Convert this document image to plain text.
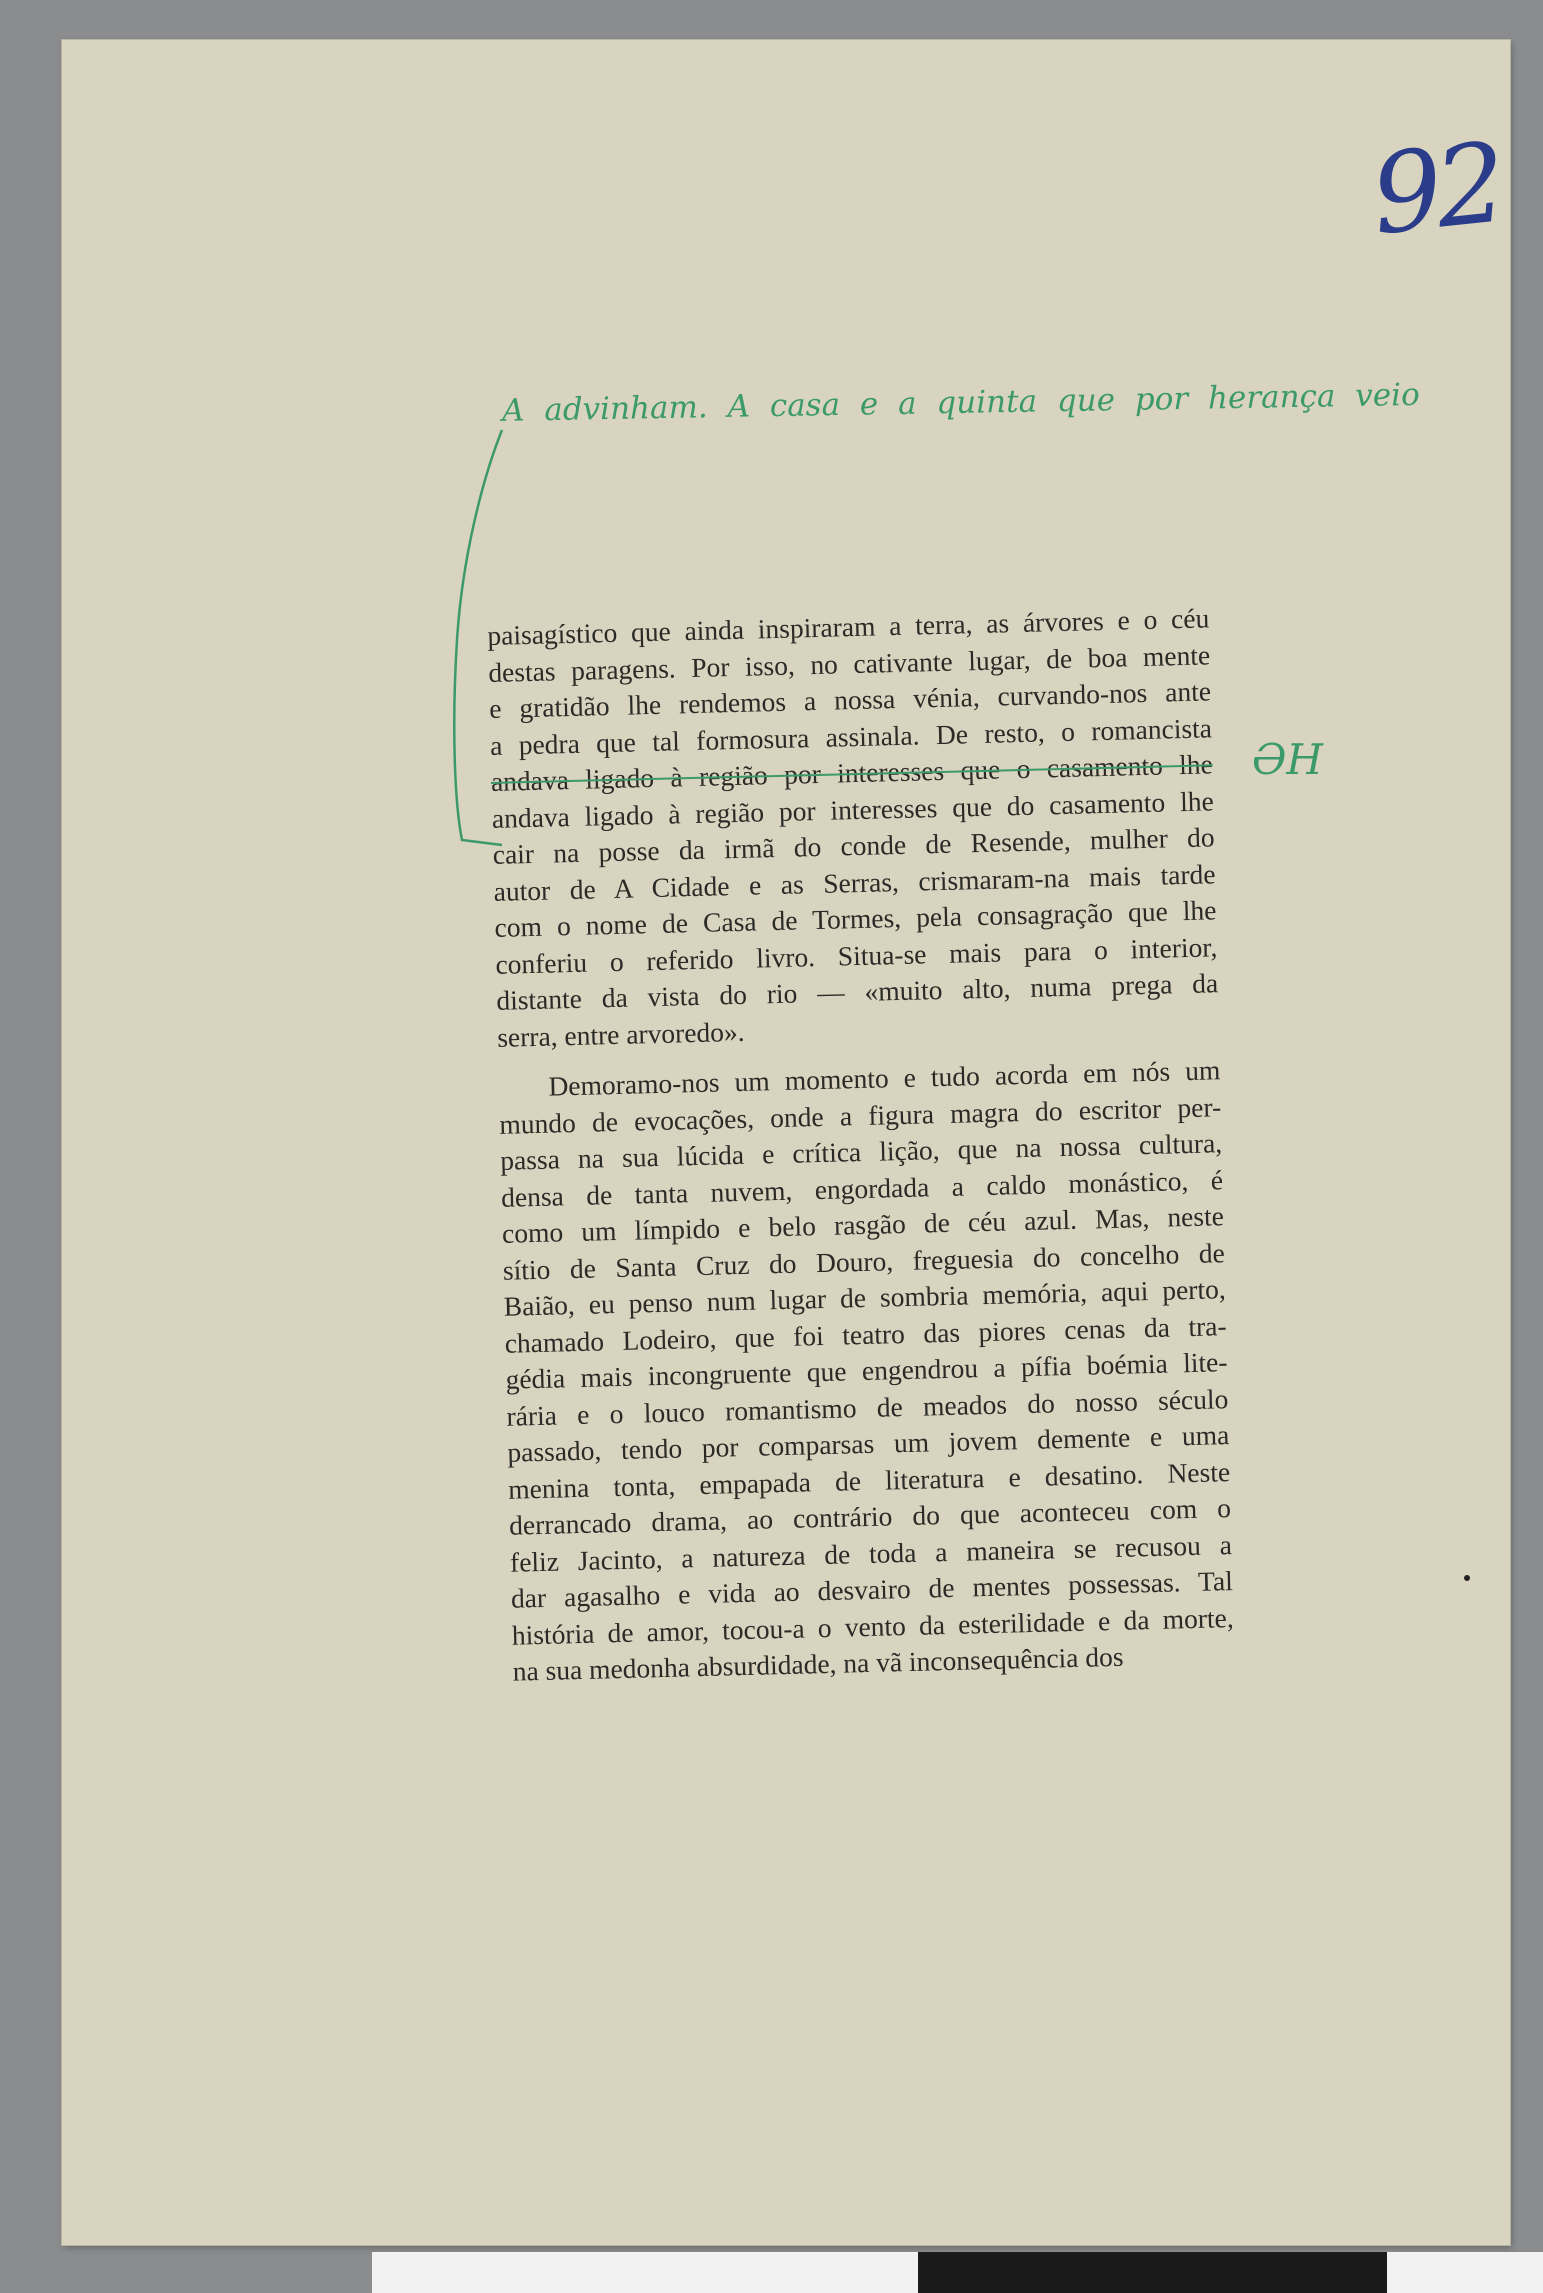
92
A advinham. A casa e a quinta que por herança veio
ƏH
paisagístico que ainda inspiraram a terra, as árvores e o céu
destas paragens. Por isso, no cativante lugar, de boa mente
e gratidão lhe rendemos a nossa vénia, curvando-nos ante
a pedra que tal formosura assinala. De resto, o romancista
andava ligado à região por interesses que o casamento lhe
andava ligado à região por interesses que do casamento lhe
cair na posse da irmã do conde de Resende, mulher do
autor de A Cidade e as Serras, crismaram-na mais tarde
com o nome de Casa de Tormes, pela consagração que lhe
conferiu o referido livro. Situa-se mais para o interior,
distante da vista do rio — «muito alto, numa prega da
serra, entre arvoredo».
Demoramo-nos um momento e tudo acorda em nós um
mundo de evocações, onde a figura magra do escritor per-
passa na sua lúcida e crítica lição, que na nossa cultura,
densa de tanta nuvem, engordada a caldo monástico, é
como um límpido e belo rasgão de céu azul. Mas, neste
sítio de Santa Cruz do Douro, freguesia do concelho de
Baião, eu penso num lugar de sombria memória, aqui perto,
chamado Lodeiro, que foi teatro das piores cenas da tra-
gédia mais incongruente que engendrou a pífia boémia lite-
rária e o louco romantismo de meados do nosso século
passado, tendo por comparsas um jovem demente e uma
menina tonta, empapada de literatura e desatino. Neste
derrancado drama, ao contrário do que aconteceu com o
feliz Jacinto, a natureza de toda a maneira se recusou a
dar agasalho e vida ao desvairo de mentes possessas. Tal
história de amor, tocou-a o vento da esterilidade e da morte,
na sua medonha absurdidade, na vã inconsequência dos
